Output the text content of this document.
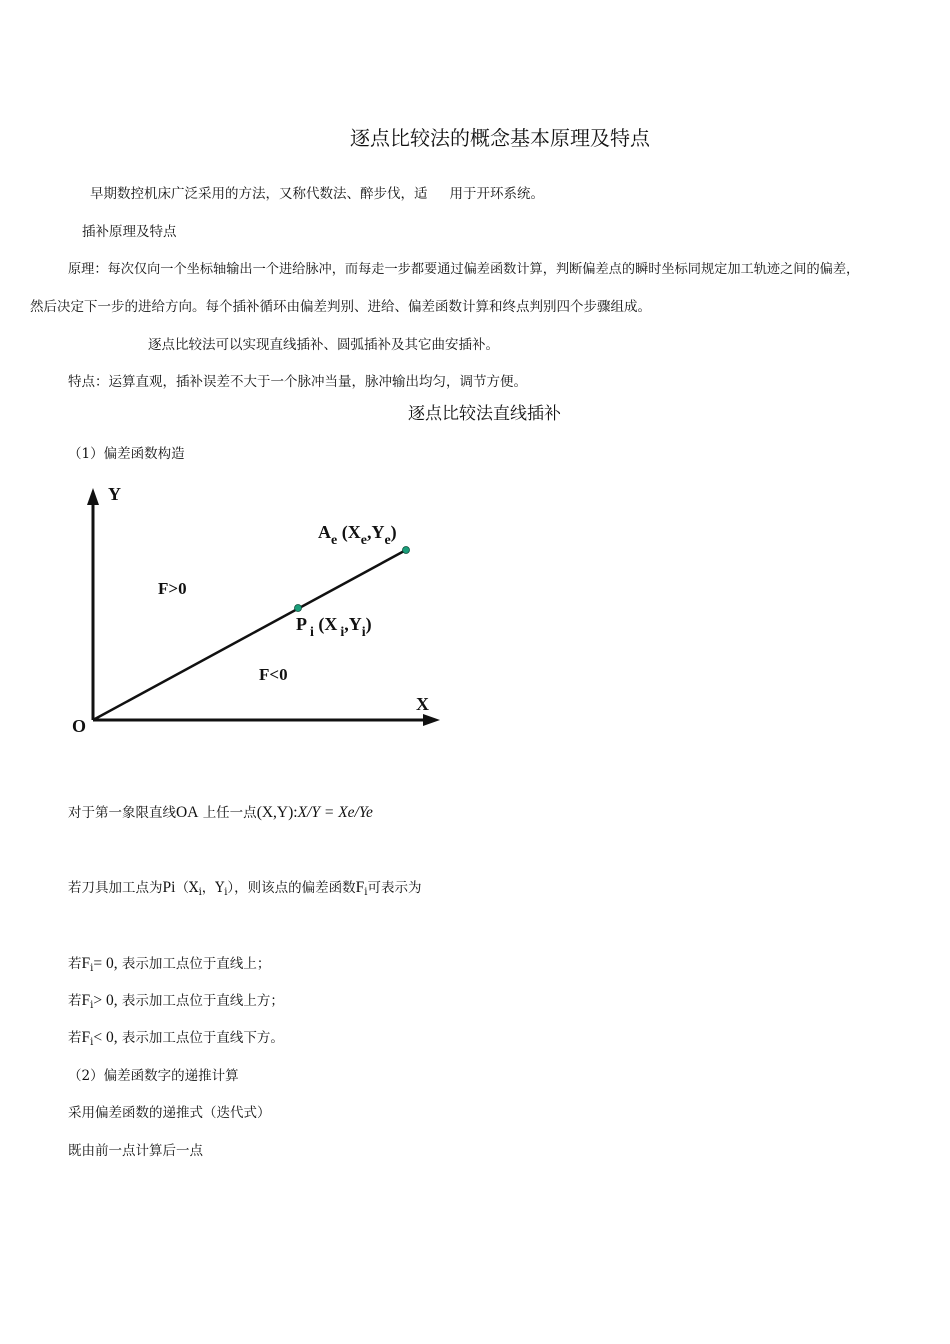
逐点比较法的概念基本原理及特点
早期数控机床广泛采用的方法，又称代数法、醉步伐，适 用于开环系统。
插补原理及特点
原理：每次仅向一个坐标轴输出一个进给脉冲，而每走一步都要通过偏差函数计算，判断偏差点的瞬时坐标同规定加工轨迹之间的偏差，
然后决定下一步的进给方向。每个插补循环由偏差判别、进给、偏差函数计算和终点判别四个步骤组成。
逐点比较法可以实现直线插补、圆弧插补及其它曲安插补。
特点：运算直观，插补误差不大于一个脉冲当量，脉冲输出均匀，调节方便。
逐点比较法直线插补
（1）偏差函数构造
Y
X
O
F>0
F<0
$A_e$ $(X_e,Y_e)$
P $_i$ (X $_i,Y_i$)
对于第一象限直线OA 上任一点(X,Y):X/Y = Xe/Ye
若刀具加工点为$Pi(X_i$，$Y_i$），则该点的偏差函数$F_i$可表示为
若$F_i= 0$, 表示加工点位于直线上；
若$F_i> 0$, 表示加工点位于直线上方；
若$F_i< 0$, 表示加工点位于直线下方。
（2）偏差函数字的递推计算
采用偏差函数的递推式（迭代式）
既由前一点计算后一点
